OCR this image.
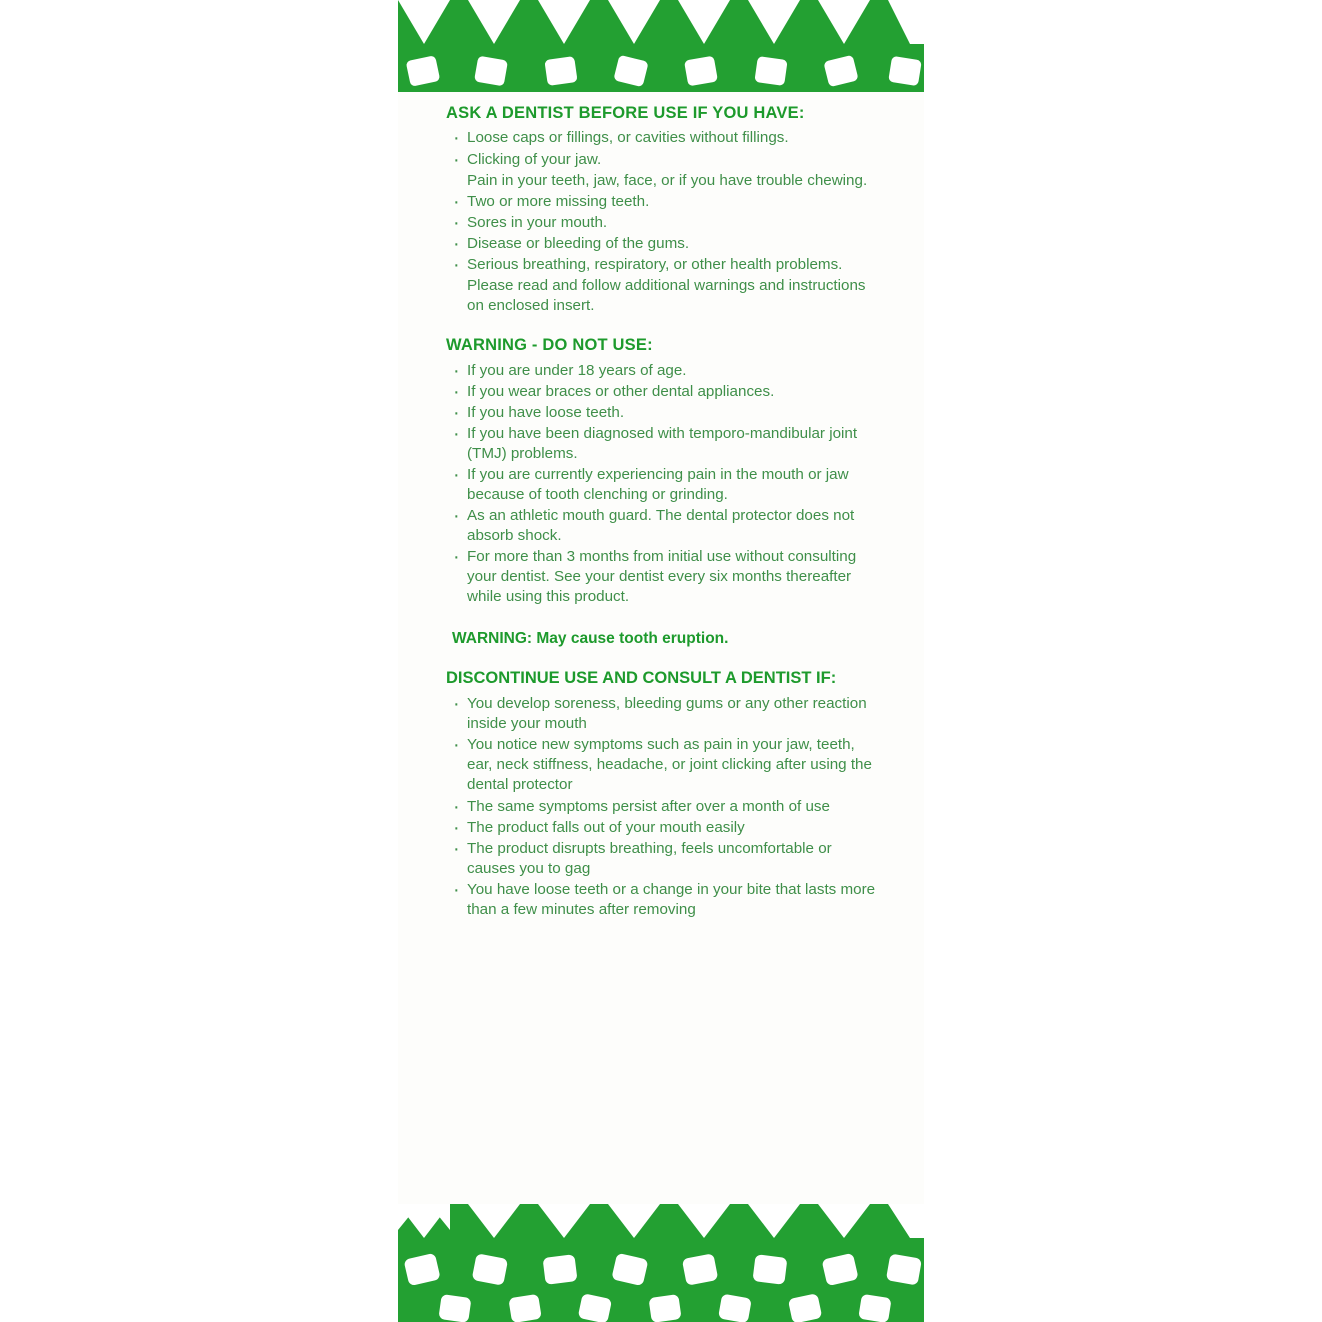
ASK A DENTIST BEFORE USE IF YOU HAVE:
· Loose caps or fillings, or cavities without fillings.
· Clicking of your jaw.
Pain in your teeth, jaw, face, or if you have trouble chewing.
· Two or more missing teeth.
· Sores in your mouth.
· Disease or bleeding of the gums.
· Serious breathing, respiratory, or other health problems.

Please read and follow additional warnings and instructions on enclosed insert.

WARNING - DO NOT USE:
· If you are under 18 years of age.
· If you wear braces or other dental appliances.
· If you have loose teeth.
· If you have been diagnosed with temporo-mandibular joint (TMJ) problems.
· If you are currently experiencing pain in the mouth or jaw because of tooth clenching or grinding.
· As an athletic mouth guard. The dental protector does not absorb shock.
· For more than 3 months from initial use without consulting your dentist. See your dentist every six months thereafter while using this product.

WARNING: May cause tooth eruption.

DISCONTINUE USE AND CONSULT A DENTIST IF:
· You develop soreness, bleeding gums or any other reaction inside your mouth
· You notice new symptoms such as pain in your jaw, teeth, ear, neck stiffness, headache, or joint clicking after using the dental protector
· The same symptoms persist after over a month of use
· The product falls out of your mouth easily
· The product disrupts breathing, feels uncomfortable or causes you to gag
· You have loose teeth or a change in your bite that lasts more than a few minutes after removing
